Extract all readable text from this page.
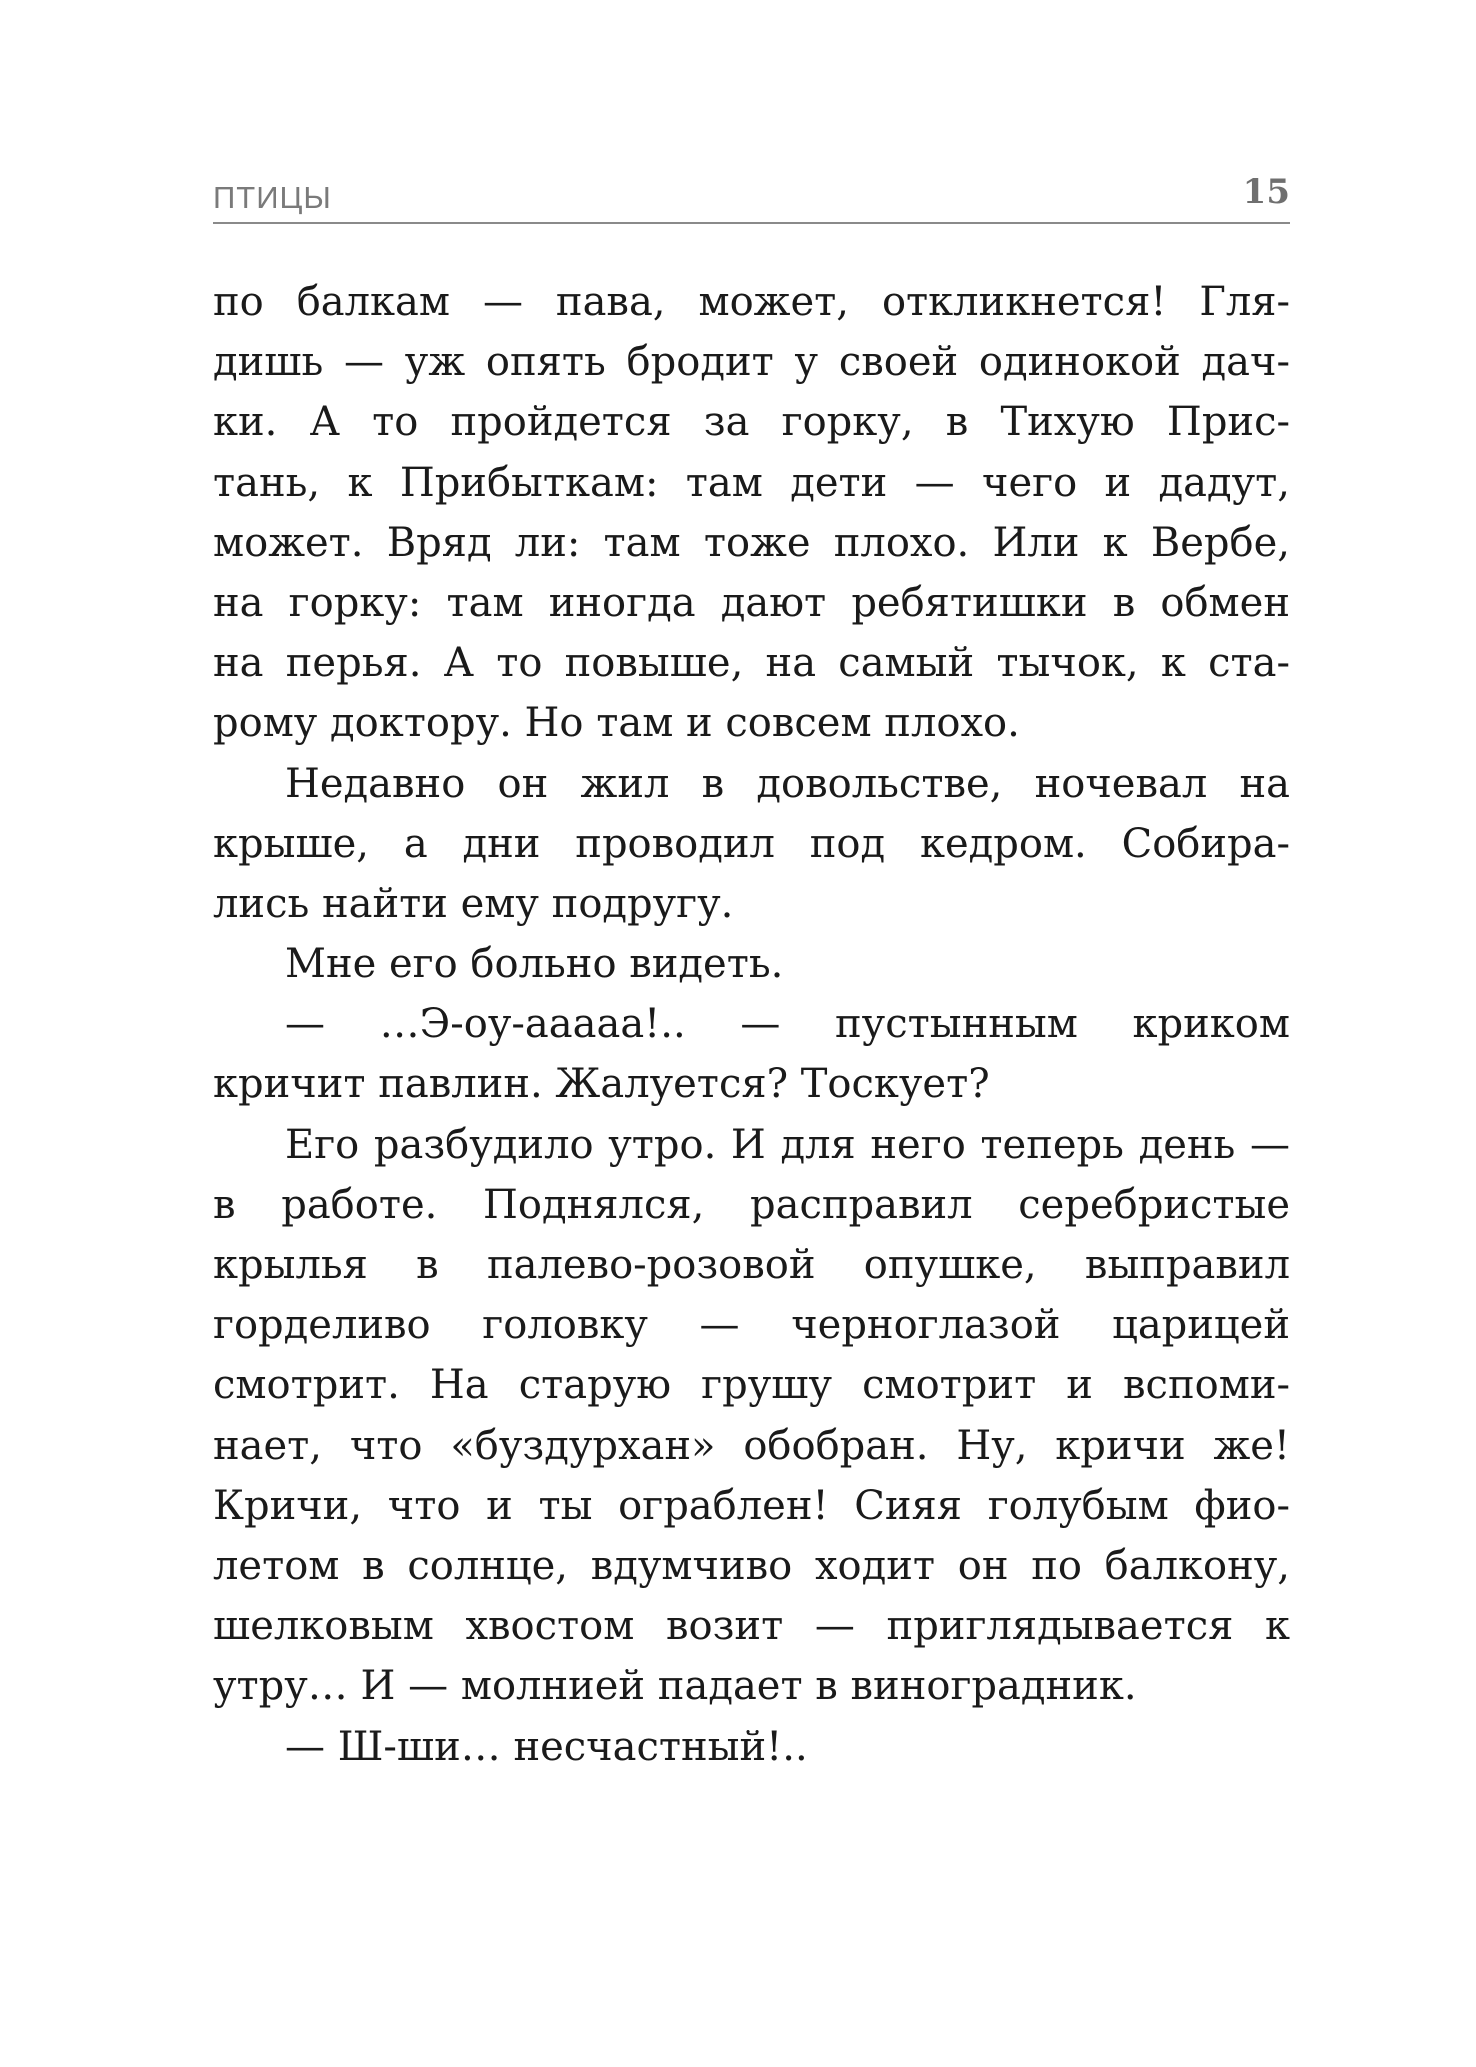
ПТИЦЫ	15
по балкам — пава, может, откликнется! Гля-
дишь — уж опять бродит у своей одинокой дач-
ки. А то пройдется за горку, в Тихую Прис-
тань, к Прибыткам: там дети — чего и дадут,
может. Вряд ли: там тоже плохо. Или к Вербе,
на горку: там иногда дают ребятишки в обмен
на перья. А то повыше, на самый тычок, к ста-
рому доктору. Но там и совсем плохо.
Недавно он жил в довольстве, ночевал на
крыше, а дни проводил под кедром. Собира-
лись найти ему подругу.
Мне его больно видеть.
— …Э-оу-ааааа!.. — пустынным криком
кричит павлин. Жалуется? Тоскует?
Его разбудило утро. И для него теперь день —
в работе. Поднялся, расправил серебристые
крылья в палево-розовой опушке, выправил
горделиво головку — черноглазой царицей
смотрит. На старую грушу смотрит и вспоми-
нает, что «буздурхан» обобран. Ну, кричи же!
Кричи, что и ты ограблен! Сияя голубым фио-
летом в солнце, вдумчиво ходит он по балкону,
шелковым хвостом возит — приглядывается к
утру… И — молнией падает в виноградник.
— Ш-ши… несчастный!..
